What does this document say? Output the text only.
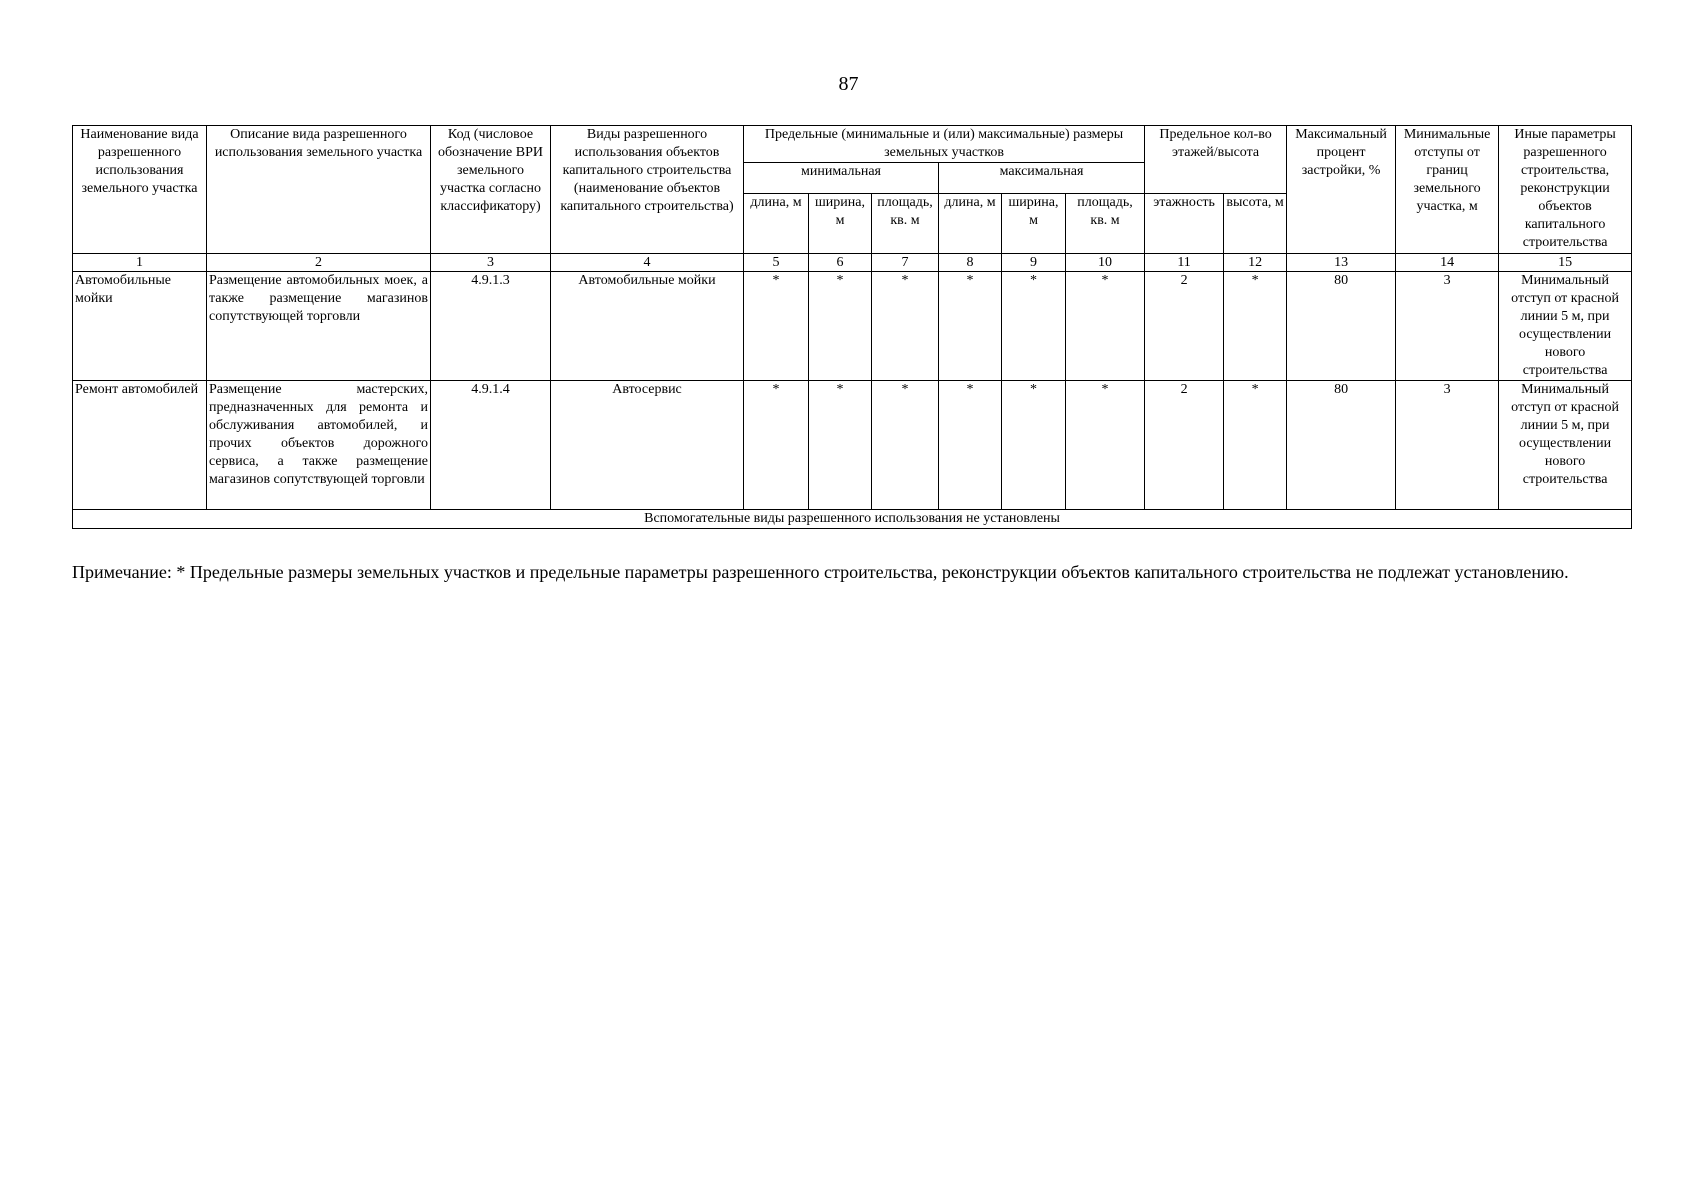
87
Наименование вида разрешенного использования земельного участка	Описание вида разрешенного использования земельного участка	Код (числовое обозначение ВРИ земельного участка согласно классификатору)	Виды разрешенного использования объектов капитального строительства (наименование объектов капитального строительства)	Предельные (минимальные и (или) максимальные) размеры земельных участков						Предельное кол-во этажей/высота		Максимальный процент застройки, %	Минимальные отступы от границ земельного участка, м	Иные параметры разрешенного строительства, реконструкции объектов капитального строительства
				минимальная			максимальная							
				длина, м	ширина, м	площадь, кв. м	длина, м	ширина, м	площадь, кв. м	этажность	высота, м			
1	2	3	4	5	6	7	8	9	10	11	12	13	14	15
Автомобильные мойки	Размещение автомобильных моек, а также размещение магазинов сопутствующей торговли	4.9.1.3	Автомобильные мойки	*	*	*	*	*	*	2	*	80	3	Минимальный отступ от красной линии 5 м, при осуществлении нового строительства
Ремонт автомобилей	Размещение мастерских, предназначенных для ремонта и обслуживания автомобилей, и прочих объектов дорожного сервиса, а также размещение магазинов сопутствующей торговли	4.9.1.4	Автосервис	*	*	*	*	*	*	2	*	80	3	Минимальный отступ от красной линии 5 м, при осуществлении нового строительства
Вспомогательные виды разрешенного использования не установлены														
Примечание: * Предельные размеры земельных участков и предельные параметры разрешенного строительства, реконструкции объектов капитального строительства не подлежат установлению.
